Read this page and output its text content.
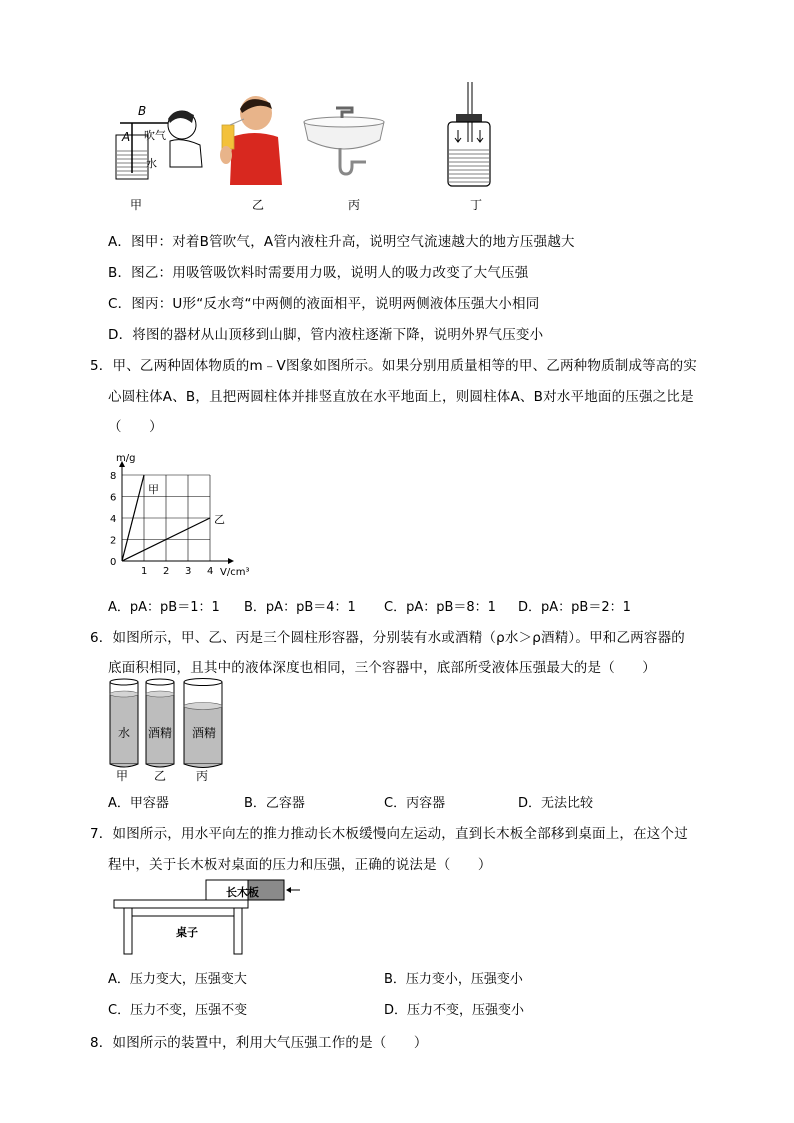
B
A 吹气
水
甲	乙	丙	丁
A．图甲：对着B管吹气，A管内液柱升高，说明空气流速越大的地方压强越大
B．图乙：用吸管吸饮料时需要用力吸，说明人的吸力改变了大气压强
C．图丙：U形“反水弯“中两侧的液面相平，说明两侧液体压强大小相同
D．将图的器材从山顶移到山脚，管内液柱逐渐下降，说明外界气压变小
5．甲、乙两种固体物质的m﹣V图象如图所示。如果分别用质量相等的甲、乙两种物质制成等高的实
心圆柱体A、B，且把两圆柱体并排竖直放在水平地面上，则圆柱体A、B对水平地面的压强之比是
（　　）
1 2 3 4
0
2
4
6
8
m/g
V/cm³
甲
乙
A．pA：pB＝1：1 B．pA：pB＝4：1 C．pA：pB＝8：1 D．pA：pB＝2：1
6．如图所示，甲、乙、丙是三个圆柱形容器，分别装有水或酒精（ρ水＞ρ酒精）。甲和乙两容器的
底面积相同，且其中的液体深度也相同，三个容器中，底部所受液体压强最大的是（　　）
水 酒精 酒精
甲 乙 丙
A．甲容器	B．乙容器	C．丙容器	D．无法比较
7．如图所示，用水平向左的推力推动长木板缓慢向左运动，直到长木板全部移到桌面上，在这个过
程中，关于长木板对桌面的压力和压强，正确的说法是（　　）
长木板
桌子
A．压力变大，压强变大	B．压力变小，压强变小
C．压力不变，压强不变	D．压力不变，压强变小
8．如图所示的装置中，利用大气压强工作的是（　　）
